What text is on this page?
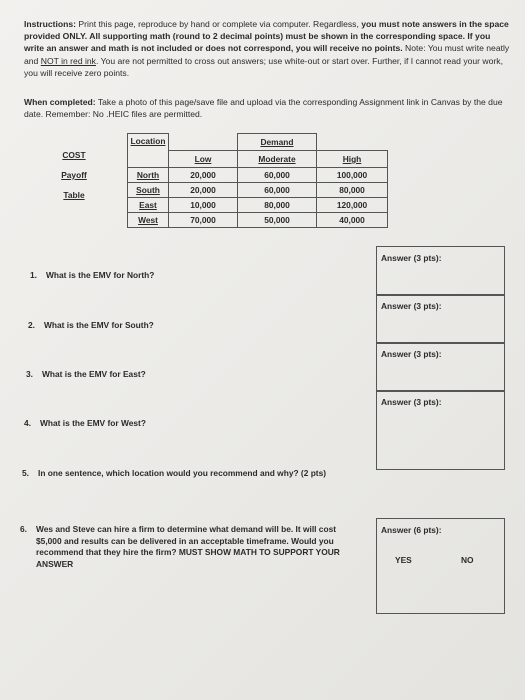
Instructions: Print this page, reproduce by hand or complete via computer. Regardless, you must note answers in the space provided ONLY. All supporting math (round to 2 decimal points) must be shown in the corresponding space. If you write an answer and math is not included or does not correspond, you will receive no points. Note: You must write neatly and NOT in red ink. You are not permitted to cross out answers; use white-out or start over. Further, if I cannot read your work, you will receive zero points.
When completed: Take a photo of this page/save file and upload via the corresponding Assignment link in Canvas by the due date. Remember: No .HEIC files are permitted.
COST
Payoff
Table
Location		Demand	
	Low	Moderate	High
North	20,000	60,000	100,000
South	20,000	60,000	80,000
East	10,000	80,000	120,000
West	70,000	50,000	40,000
1. What is the EMV for North?
2. What is the EMV for South?
3. What is the EMV for East?
4. What is the EMV for West?
5. In one sentence, which location would you recommend and why? (2 pts)
6.	Wes and Steve can hire a firm to determine what demand will be. It will cost $5,000 and results can be delivered in an acceptable timeframe. Would you recommend that they hire the firm? MUST SHOW MATH TO SUPPORT YOUR ANSWER
Answer (3 pts):
Answer (3 pts):
Answer (3 pts):
Answer (3 pts):
Answer (6 pts):
YES	NO
